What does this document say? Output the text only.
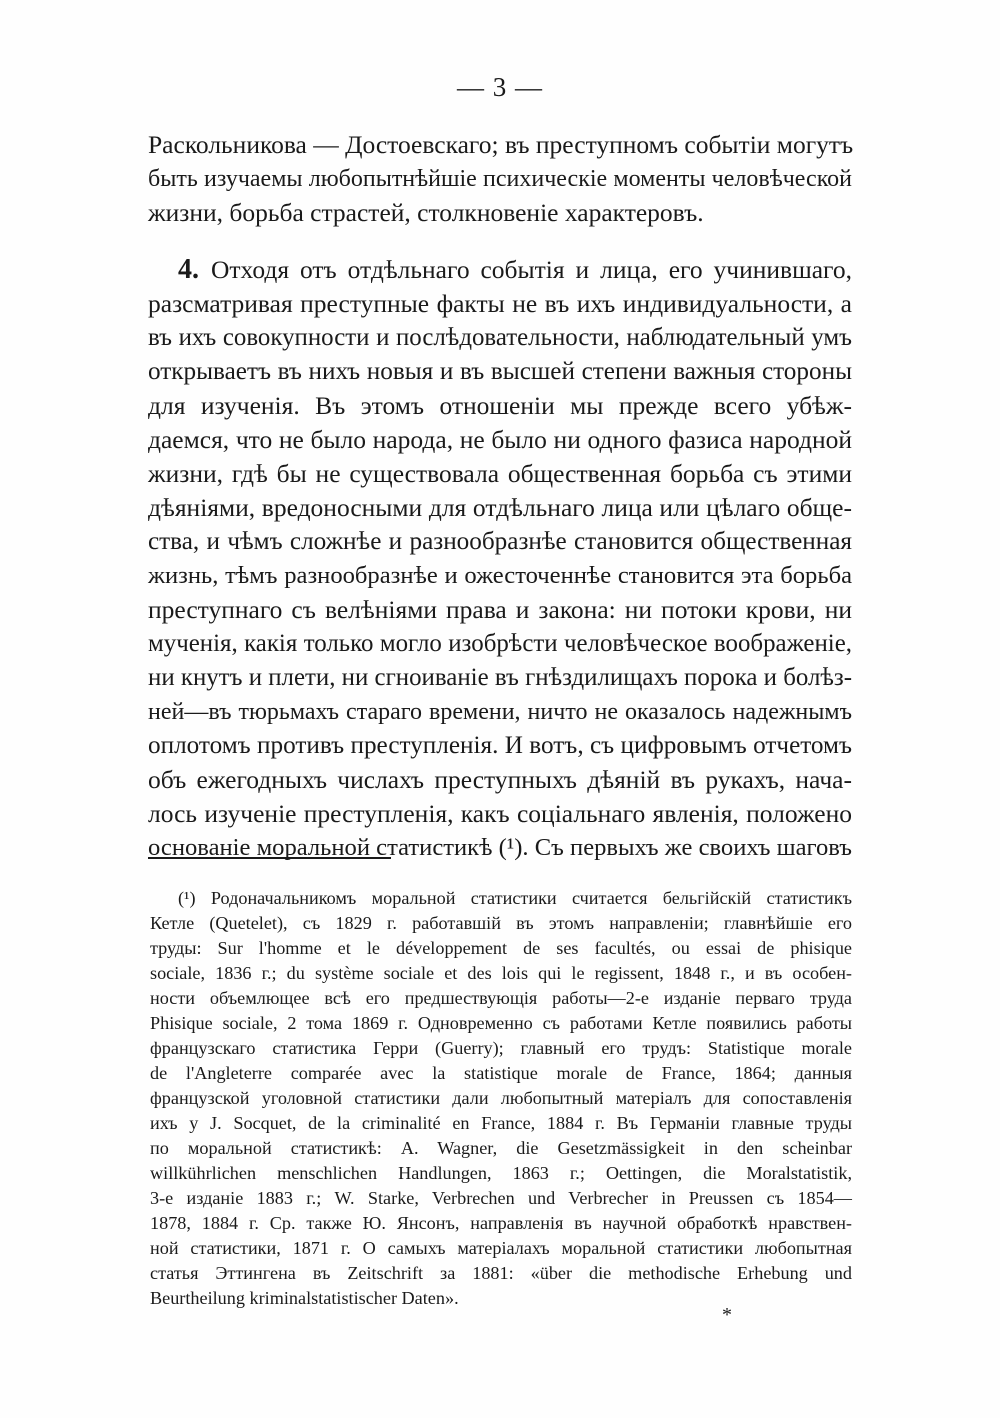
— 3 —
Раскольникова — Достоевскаго; въ преступномъ событіи могутъ
быть изучаемы любопытнѣйшіе психическіе моменты человѣческой
жизни, борьба страстей, столкновеніе характеровъ.
4. Отходя отъ отдѣльнаго событія и лица, его учинившаго,
разсматривая преступные факты не въ ихъ индивидуальности, а
въ ихъ совокупности и послѣдовательности, наблюдательный умъ
открываетъ въ нихъ новыя и въ высшей степени важныя стороны
для изученія. Въ этомъ отношеніи мы прежде всего убѣж-
даемся, что не было народа, не было ни одного фазиса народной
жизни, гдѣ бы не существовала общественная борьба съ этими
дѣяніями, вредоносными для отдѣльнаго лица или цѣлаго обще-
ства, и чѣмъ сложнѣе и разнообразнѣе становится общественная
жизнь, тѣмъ разнообразнѣе и ожесточеннѣе становится эта борьба
преступнаго съ велѣніями права и закона: ни потоки крови, ни
мученія, какія только могло изобрѣсти человѣческое воображеніе,
ни кнутъ и плети, ни сгноиваніе въ гнѣздилищахъ порока и болѣз-
ней—въ тюрьмахъ стараго времени, ничто не оказалось надежнымъ
оплотомъ противъ преступленія. И вотъ, съ цифровымъ отчетомъ
объ ежегодныхъ числахъ преступныхъ дѣяній въ рукахъ, нача-
лось изученіе преступленія, какъ соціальнаго явленія, положено
основаніе моральной статистикѣ (¹). Съ первыхъ же своихъ шаговъ
(¹) Родоначальникомъ моральной статистики считается бельгійскій статистикъ
Кетле (Quetelet), съ 1829 г. работавшій въ этомъ направленіи; главнѣйшіе его
труды: Sur l'homme et le développement de ses facultés, ou essai de phisique
sociale, 1836 г.; du système sociale et des lois qui le regissent, 1848 г., и въ особен-
ности объемлющее всѣ его предшествующія работы—2-е изданіе перваго труда
Phisique sociale, 2 тома 1869 г. Одновременно съ работами Кетле появились работы
французскаго статистика Герри (Guerry); главный его трудъ: Statistique morale
de l'Angleterre comparée avec la statistique morale de France, 1864; данныя
французской уголовной статистики дали любопытный матеріалъ для сопоставленія
ихъ у J. Socquet, de la criminalité en France, 1884 г. Въ Германіи главные труды
по моральной статистикѣ: A. Wagner, die Gesetzmässigkeit in den scheinbar
willkührlichen menschlichen Handlungen, 1863 г.; Oettingen, die Moralstatistik,
3-е изданіе 1883 г.; W. Starke, Verbrechen und Verbrecher in Preussen съ 1854—
1878, 1884 г. Ср. также Ю. Янсонъ, направленія въ научной обработкѣ нравствен-
ной статистики, 1871 г. О самыхъ матеріалахъ моральной статистики любопытная
статья Эттингена въ Zeitschrift за 1881: «über die methodische Erhebung und
Beurtheilung kriminalstatistischer Daten».
*
